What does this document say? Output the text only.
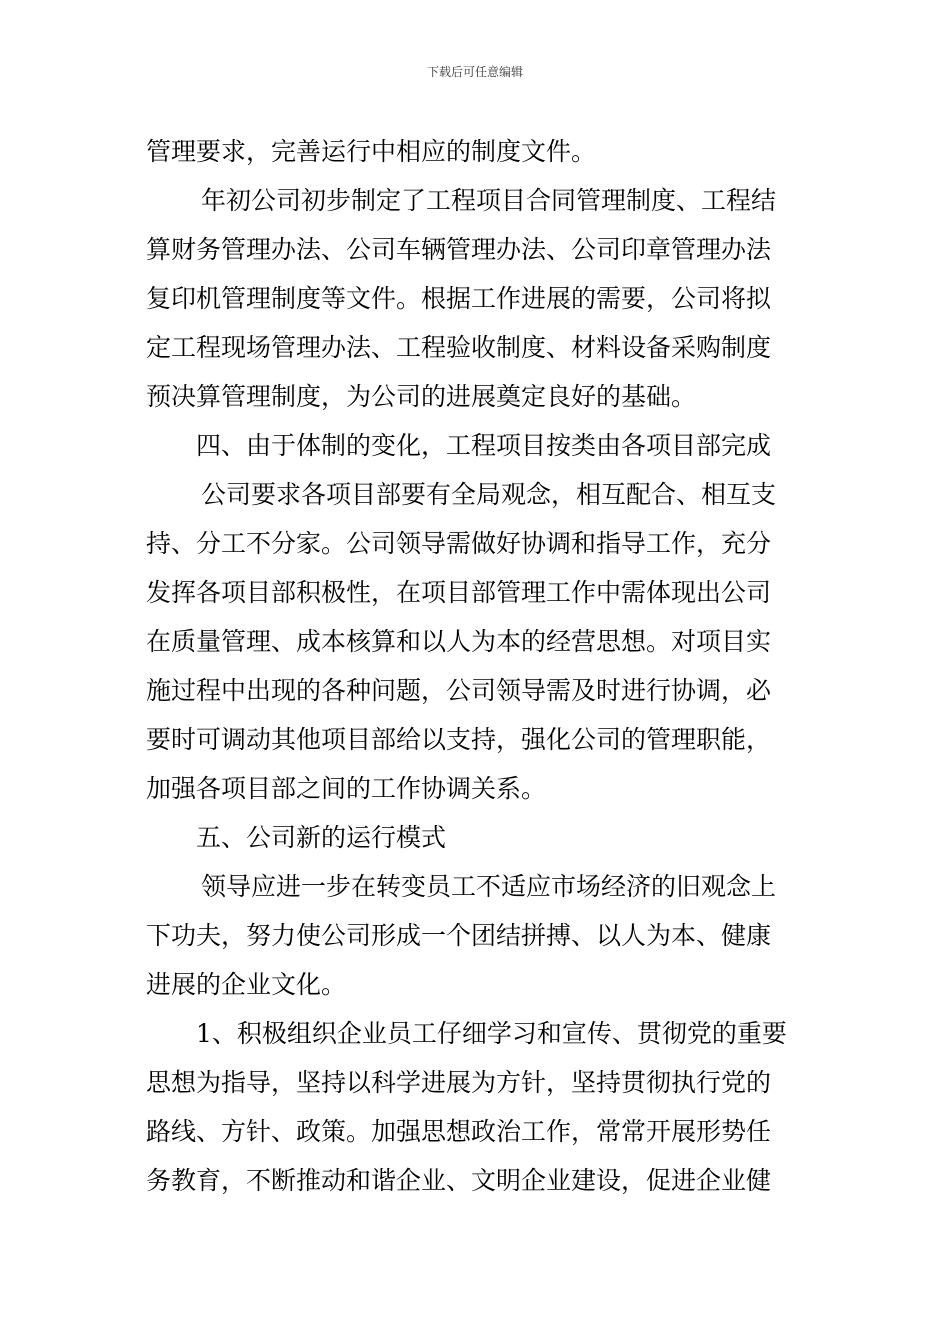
下载后可任意编辑
管理要求，完善运行中相应的制度文件。
年初公司初步制定了工程项目合同管理制度、工程结
算财务管理办法、公司车辆管理办法、公司印章管理办法
复印机管理制度等文件。根据工作进展的需要，公司将拟
定工程现场管理办法、工程验收制度、材料设备采购制度
预决算管理制度，为公司的进展奠定良好的基础。
四、由于体制的变化，工程项目按类由各项目部完成
公司要求各项目部要有全局观念，相互配合、相互支
持、分工不分家。公司领导需做好协调和指导工作，充分
发挥各项目部积极性，在项目部管理工作中需体现出公司
在质量管理、成本核算和以人为本的经营思想。对项目实
施过程中出现的各种问题，公司领导需及时进行协调，必
要时可调动其他项目部给以支持，强化公司的管理职能，
加强各项目部之间的工作协调关系。
五、公司新的运行模式
领导应进一步在转变员工不适应市场经济的旧观念上
下功夫，努力使公司形成一个团结拼搏、以人为本、健康
进展的企业文化。
1、积极组织企业员工仔细学习和宣传、贯彻党的重要
思想为指导，坚持以科学进展为方针，坚持贯彻执行党的
路线、方针、政策。加强思想政治工作，常常开展形势任
务教育，不断推动和谐企业、文明企业建设，促进企业健
